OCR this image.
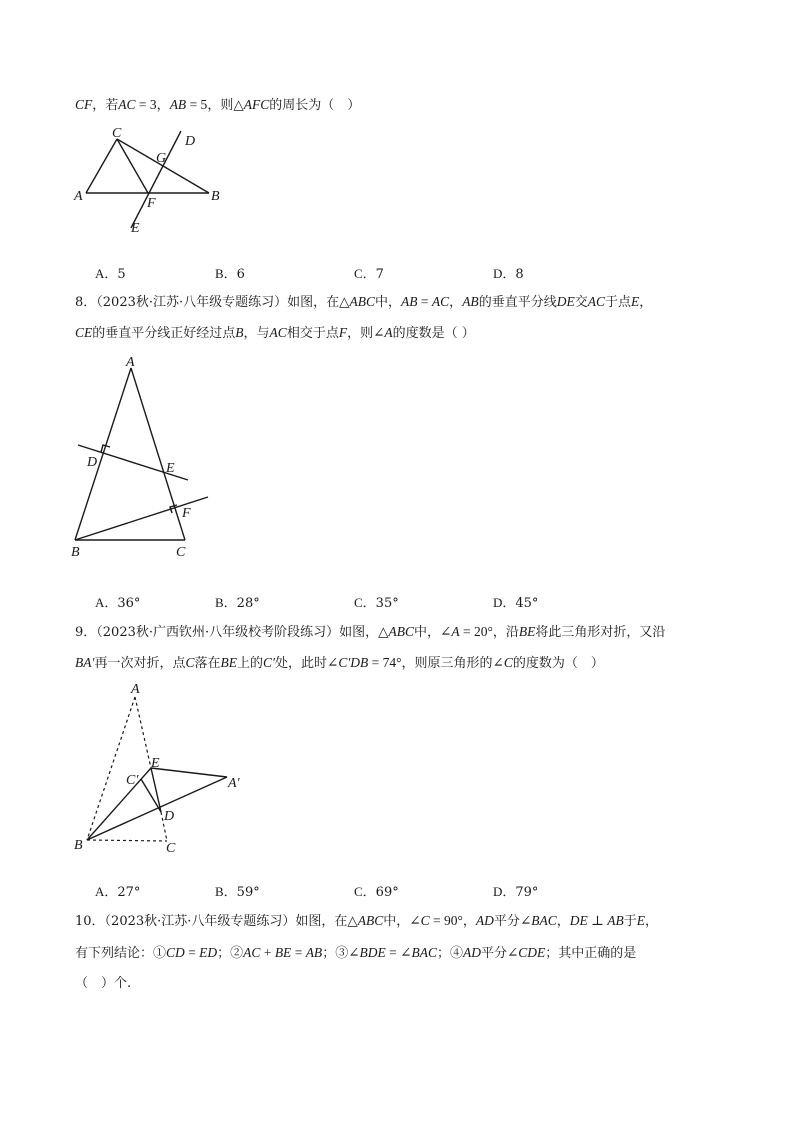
CF，若AC = 3，AB = 5，则△AFC的周长为（　）
C
D
G
A	F	B
E
A．5	B．6	C．7	D．8
8．（2023秋·江苏·八年级专题练习）如图，在△ABC中，AB = AC，AB的垂直平分线DE交AC于点E，
CE的垂直平分线正好经过点B，与AC相交于点F，则∠A的度数是（ ）
A
D	E
F
B	C
A．36°	B．28°	C．35°	D．45°
9．（2023秋·广西钦州·八年级校考阶段练习）如图，△ABC中，∠A = 20°，沿BE将此三角形对折，又沿
BA′再一次对折，点C落在BE上的C′处，此时∠C′DB = 74°，则原三角形的∠C的度数为（　）
A
E
C′	A′
D
B	C
A．27°	B．59°	C．69°	D．79°
10．（2023秋·江苏·八年级专题练习）如图，在△ABC中，∠C = 90°，AD平分∠BAC，DE ⊥ AB于E，
有下列结论：①CD = ED；②AC + BE = AB；③∠BDE = ∠BAC；④AD平分∠CDE；其中正确的是
（　）个.
